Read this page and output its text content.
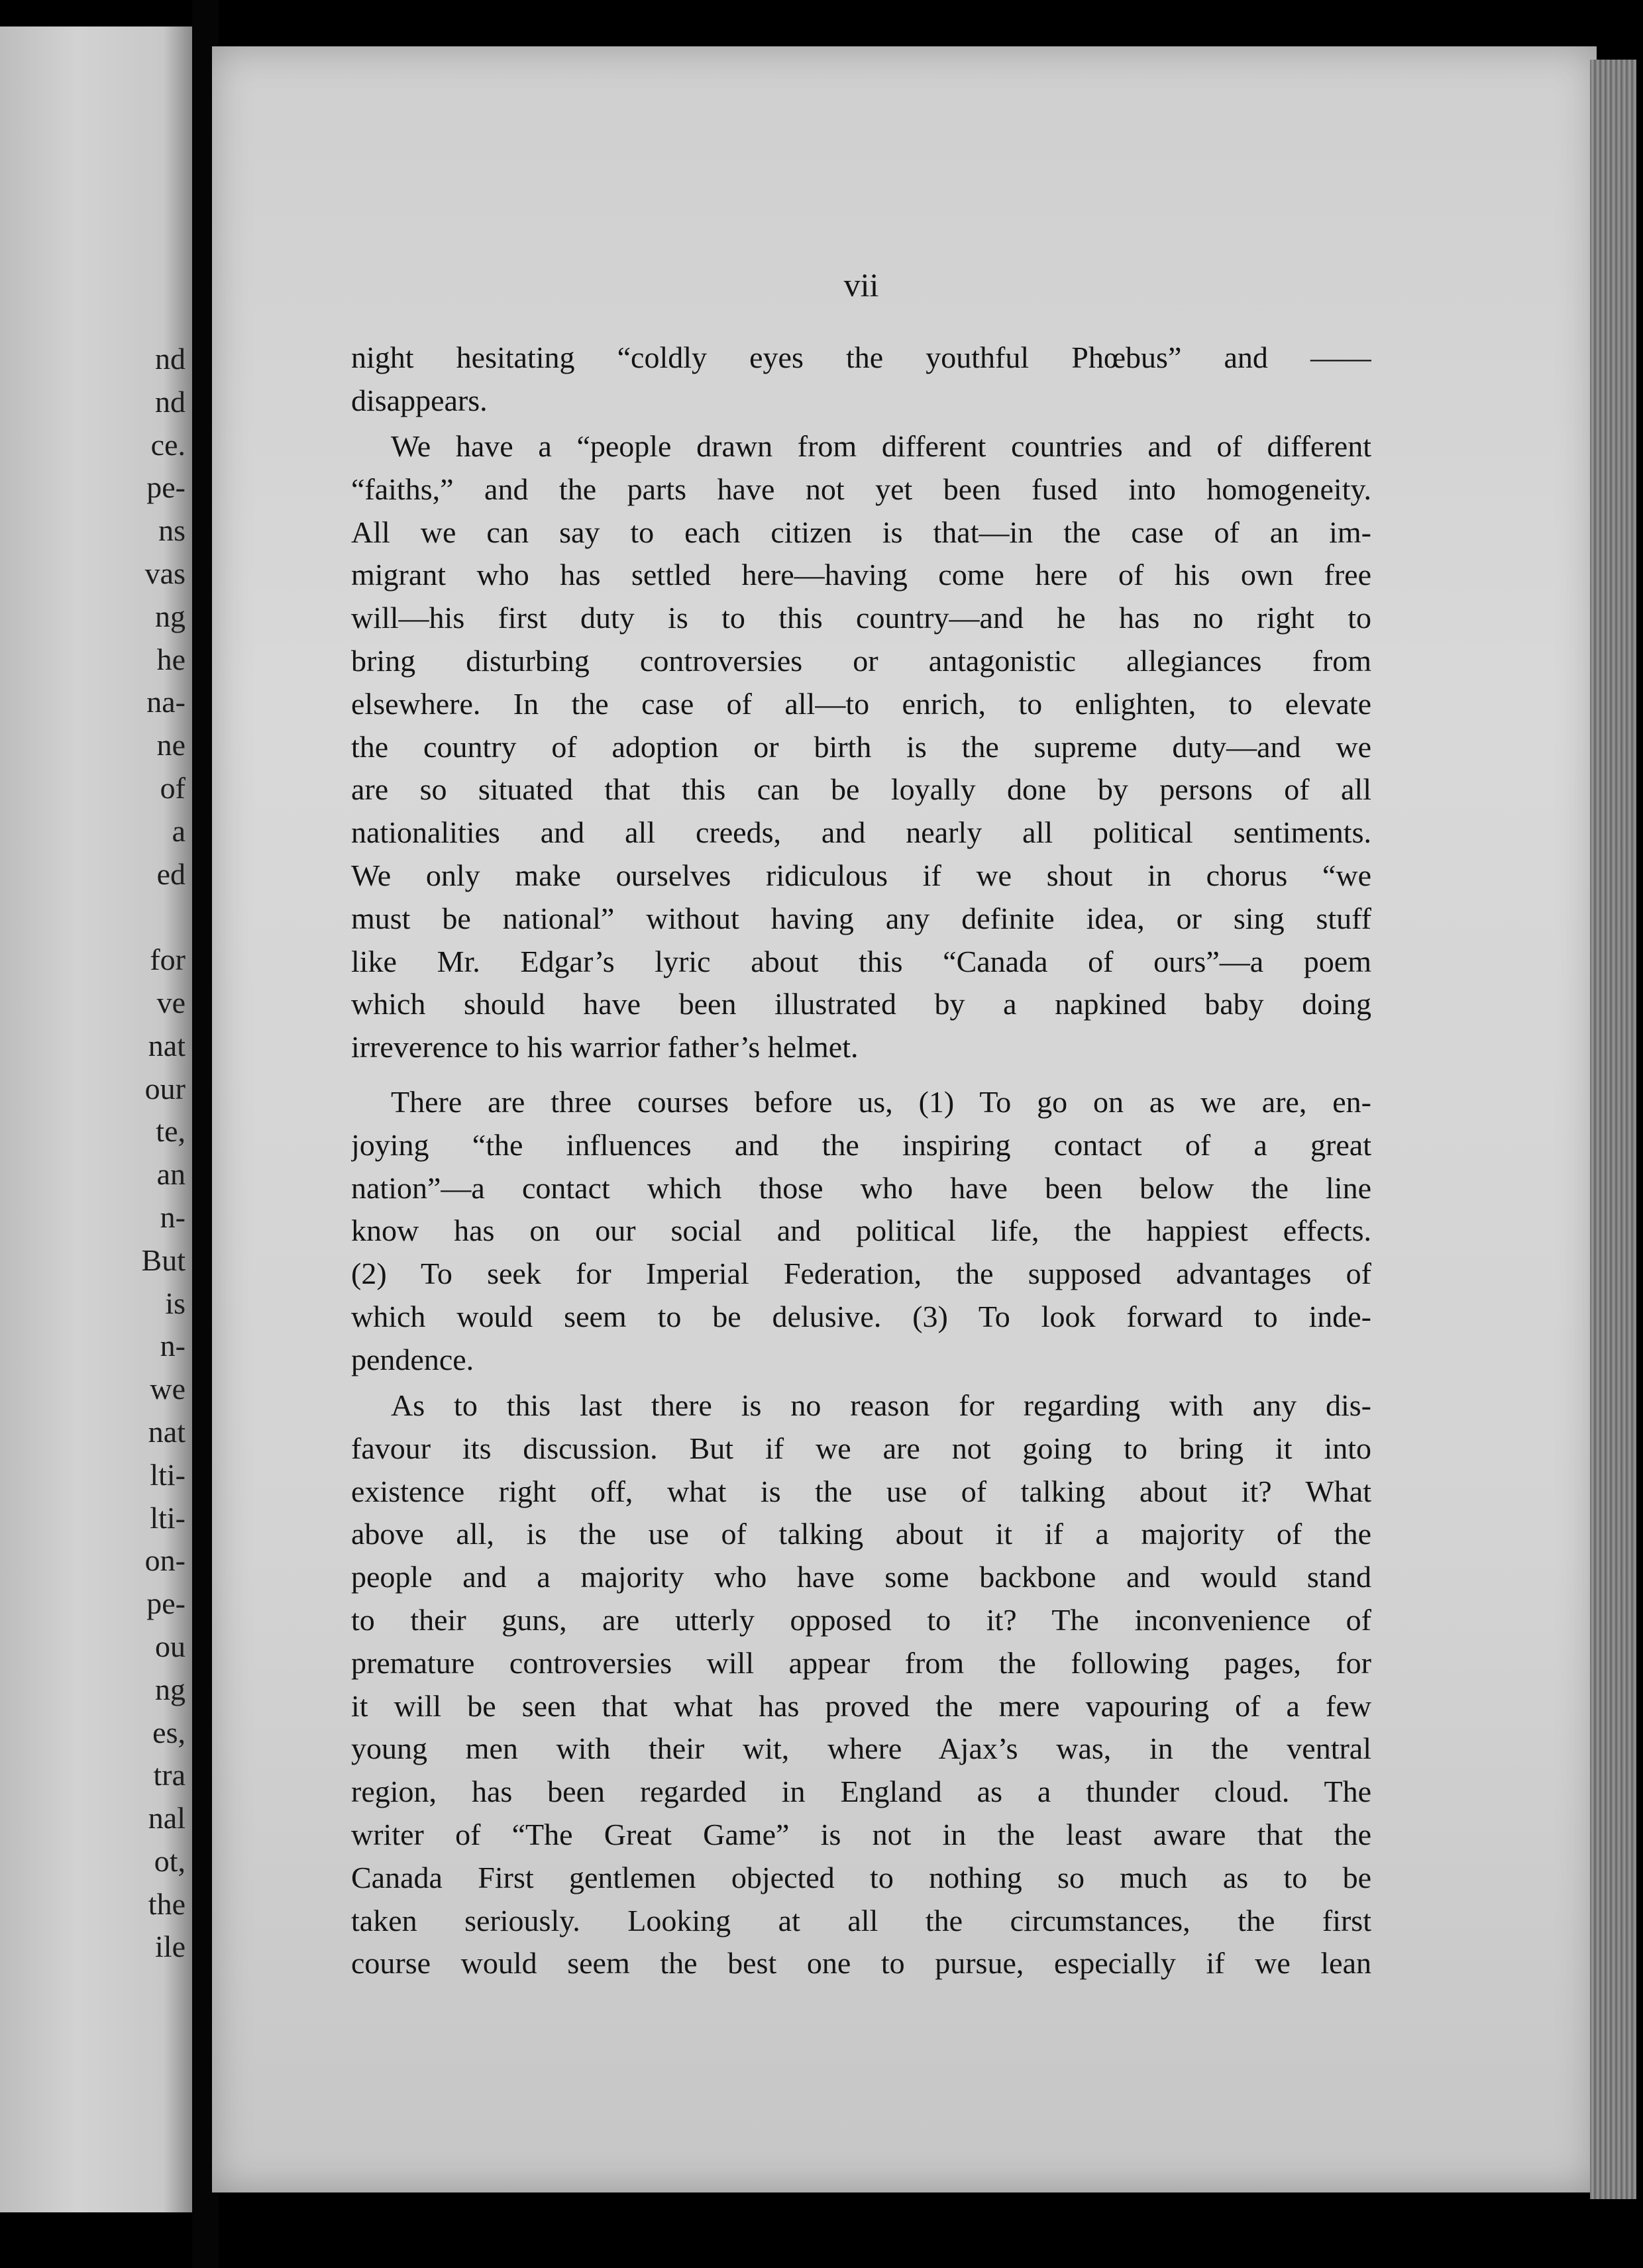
nd
nd
ce.
pe-
ns
vas
ng
he
na-
ne
of
a
ed
for
ve
nat
our
te,
an
n-
But
is
n-
we
nat
lti-
lti-
on-
pe-
ou
ng
es,
tra
nal
ot,
the
ile
vii
night hesitating “coldly eyes the youthful Phœbus” and ——
disappears.
We have a “people drawn from different countries and of different
“faiths,” and the parts have not yet been fused into homogeneity.
All we can say to each citizen is that—in the case of an im-
migrant who has settled here—having come here of his own free
will—his first duty is to this country—and he has no right to
bring disturbing controversies or antagonistic allegiances from
elsewhere. In the case of all—to enrich, to enlighten, to elevate
the country of adoption or birth is the supreme duty—and we
are so situated that this can be loyally done by persons of all
nationalities and all creeds, and nearly all political sentiments.
We only make ourselves ridiculous if we shout in chorus “we
must be national” without having any definite idea, or sing stuff
like Mr. Edgar’s lyric about this “Canada of ours”—a poem
which should have been illustrated by a napkined baby doing
irreverence to his warrior father’s helmet.
There are three courses before us, (1) To go on as we are, en-
joying “the influences and the inspiring contact of a great
nation”—a contact which those who have been below the line
know has on our social and political life, the happiest effects.
(2) To seek for Imperial Federation, the supposed advantages of
which would seem to be delusive. (3) To look forward to inde-
pendence.
As to this last there is no reason for regarding with any dis-
favour its discussion. But if we are not going to bring it into
existence right off, what is the use of talking about it? What
above all, is the use of talking about it if a majority of the
people and a majority who have some backbone and would stand
to their guns, are utterly opposed to it? The inconvenience of
premature controversies will appear from the following pages, for
it will be seen that what has proved the mere vapouring of a few
young men with their wit, where Ajax’s was, in the ventral
region, has been regarded in England as a thunder cloud. The
writer of “The Great Game” is not in the least aware that the
Canada First gentlemen objected to nothing so much as to be
taken seriously. Looking at all the circumstances, the first
course would seem the best one to pursue, especially if we lean
